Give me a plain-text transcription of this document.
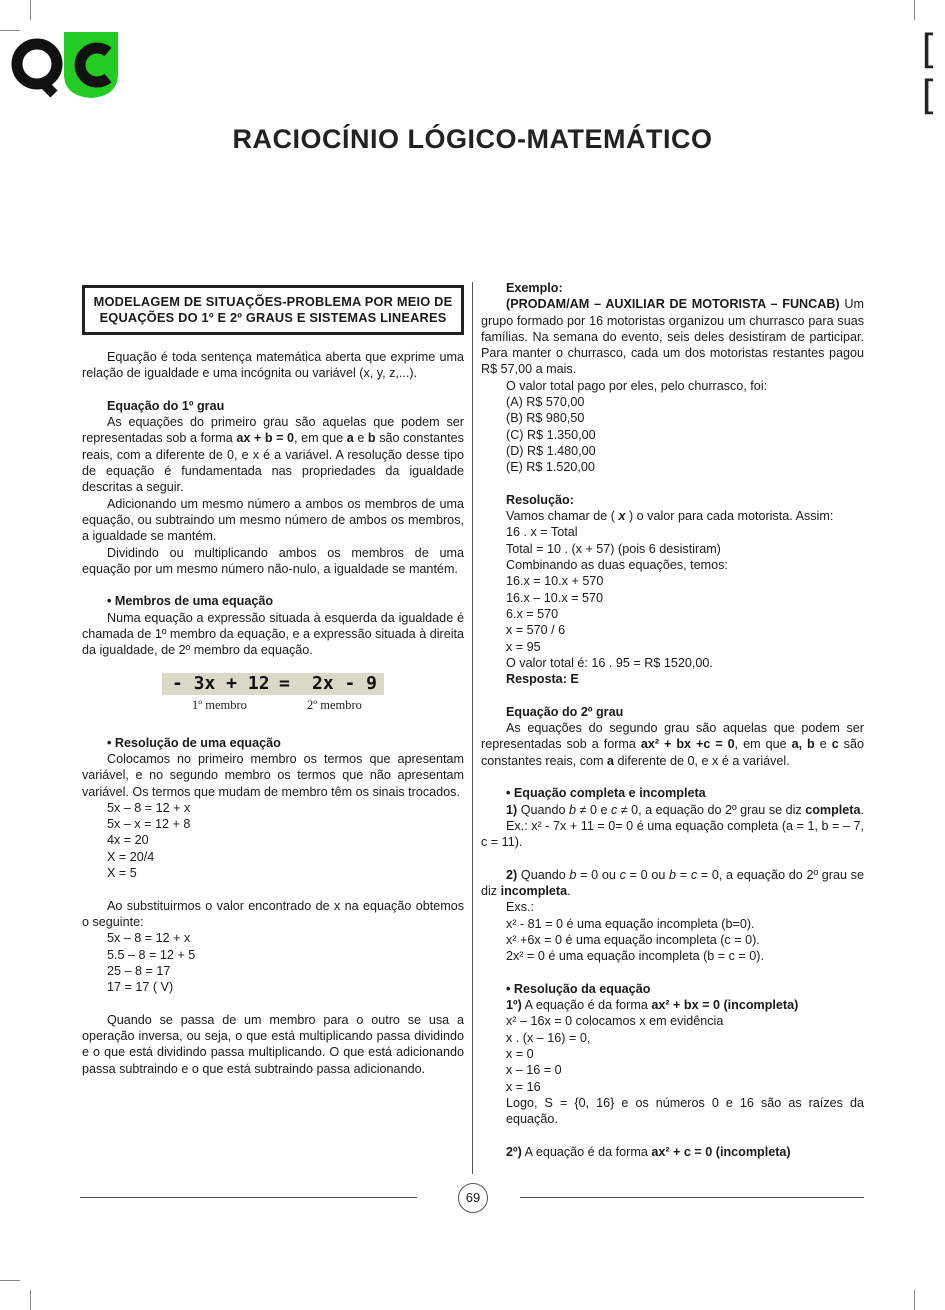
[
[
RACIOCÍNIO LÓGICO-MATEMÁTICO
MODELAGEM DE SITUAÇÕES-PROBLEMA POR MEIO DE EQUAÇÕES DO 1º E 2º GRAUS E SISTEMAS LINEARES

Equação é toda sentença matemática aberta que exprime uma relação de igualdade e uma incógnita ou variável (x, y, z,...).

Equação do 1º grau

As equações do primeiro grau são aquelas que podem ser representadas sob a forma ax + b = 0, em que a e b são constantes reais, com a diferente de 0, e x é a variável. A resolução desse tipo de equação é fundamentada nas propriedades da igualdade descritas a seguir.

Adicionando um mesmo número a ambos os membros de uma equação, ou subtraindo um mesmo número de ambos os membros, a igualdade se mantém.

Dividindo ou multiplicando ambos os membros de uma equação por um mesmo número não-nulo, a igualdade se mantém.

• Membros de uma equação

Numa equação a expressão situada à esquerda da igualdade é chamada de 1º membro da equação, e a expressão situada à direita da igualdade, de 2º membro da equação.

- 3x + 12 = 2x - 9
1º membro	2º membro

• Resolução de uma equação

Colocamos no primeiro membro os termos que apresentam variável, e no segundo membro os termos que não apresentam variável. Os termos que mudam de membro têm os sinais trocados.

5x – 8 = 12 + x

5x – x = 12 + 8

4x = 20

X = 20/4

X = 5

Ao substituirmos o valor encontrado de x na equação obtemos o seguinte:

5x – 8 = 12 + x

5.5 – 8 = 12 + 5

25 – 8 = 17

17 = 17 ( V)

Quando se passa de um membro para o outro se usa a operação inversa, ou seja, o que está multiplicando passa dividindo e o que está dividindo passa multiplicando. O que está adicionando passa subtraindo e o que está subtraindo passa adicionando.

Exemplo:

(PRODAM/AM – AUXILIAR DE MOTORISTA – FUNCAB) Um grupo formado por 16 motoristas organizou um churrasco para suas famílias. Na semana do evento, seis deles desistiram de participar. Para manter o churrasco, cada um dos motoristas restantes pagou R$ 57,00 a mais.

O valor total pago por eles, pelo churrasco, foi:

(A) R$ 570,00

(B) R$ 980,50

(C) R$ 1.350,00

(D) R$ 1.480,00

(E) R$ 1.520,00

Resolução:

Vamos chamar de ( x ) o valor para cada motorista. Assim:

16 . x = Total

Total = 10 . (x + 57) (pois 6 desistiram)

Combinando as duas equações, temos:

16.x = 10.x + 570

16.x – 10.x = 570

6.x = 570

x = 570 / 6

x = 95

O valor total é: 16 . 95 = R$ 1520,00.

Resposta: E

Equação do 2º grau

As equações do segundo grau são aquelas que podem ser representadas sob a forma ax² + bx +c = 0, em que a, b e c são constantes reais, com a diferente de 0, e x é a variável.

• Equação completa e incompleta

1) Quando b ≠ 0 e c ≠ 0, a equação do 2º grau se diz completa.

Ex.: x² - 7x + 11 = 0= 0 é uma equação completa (a = 1, b = – 7, c = 11).

2) Quando b = 0 ou c = 0 ou b = c = 0, a equação do 2º grau se diz incompleta.

Exs.:

x² - 81 = 0 é uma equação incompleta (b=0).

x² +6x = 0 é uma equação incompleta (c = 0).

2x² = 0 é uma equação incompleta (b = c = 0).

• Resolução da equação

1º) A equação é da forma ax² + bx = 0 (incompleta)

x² – 16x = 0 colocamos x em evidência

x . (x – 16) = 0,

x = 0

x – 16 = 0

x = 16

Logo, S = {0, 16} e os números 0 e 16 são as raízes da equação.

2º) A equação é da forma ax² + c = 0 (incompleta)

69
